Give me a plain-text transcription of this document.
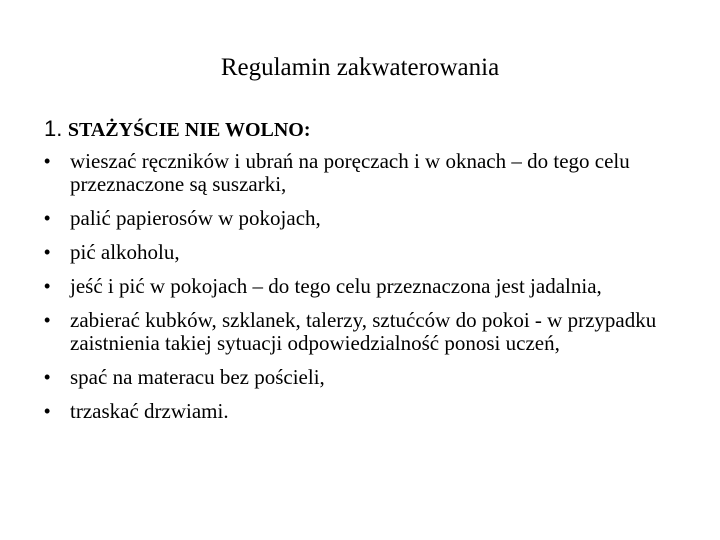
Regulamin zakwaterowania
1. STAŻYŚCIE NIE WOLNO:
• wieszać ręczników i ubrań na poręczach i w oknach – do tego celu przeznaczone są suszarki,
• palić papierosów w pokojach,
• pić alkoholu,
• jeść i pić w pokojach – do tego celu przeznaczona jest jadalnia,
• zabierać kubków, szklanek, talerzy, sztućców do pokoi - w przypadku zaistnienia takiej sytuacji odpowiedzialność ponosi uczeń,
• spać na materacu bez pościeli,
• trzaskać drzwiami.
